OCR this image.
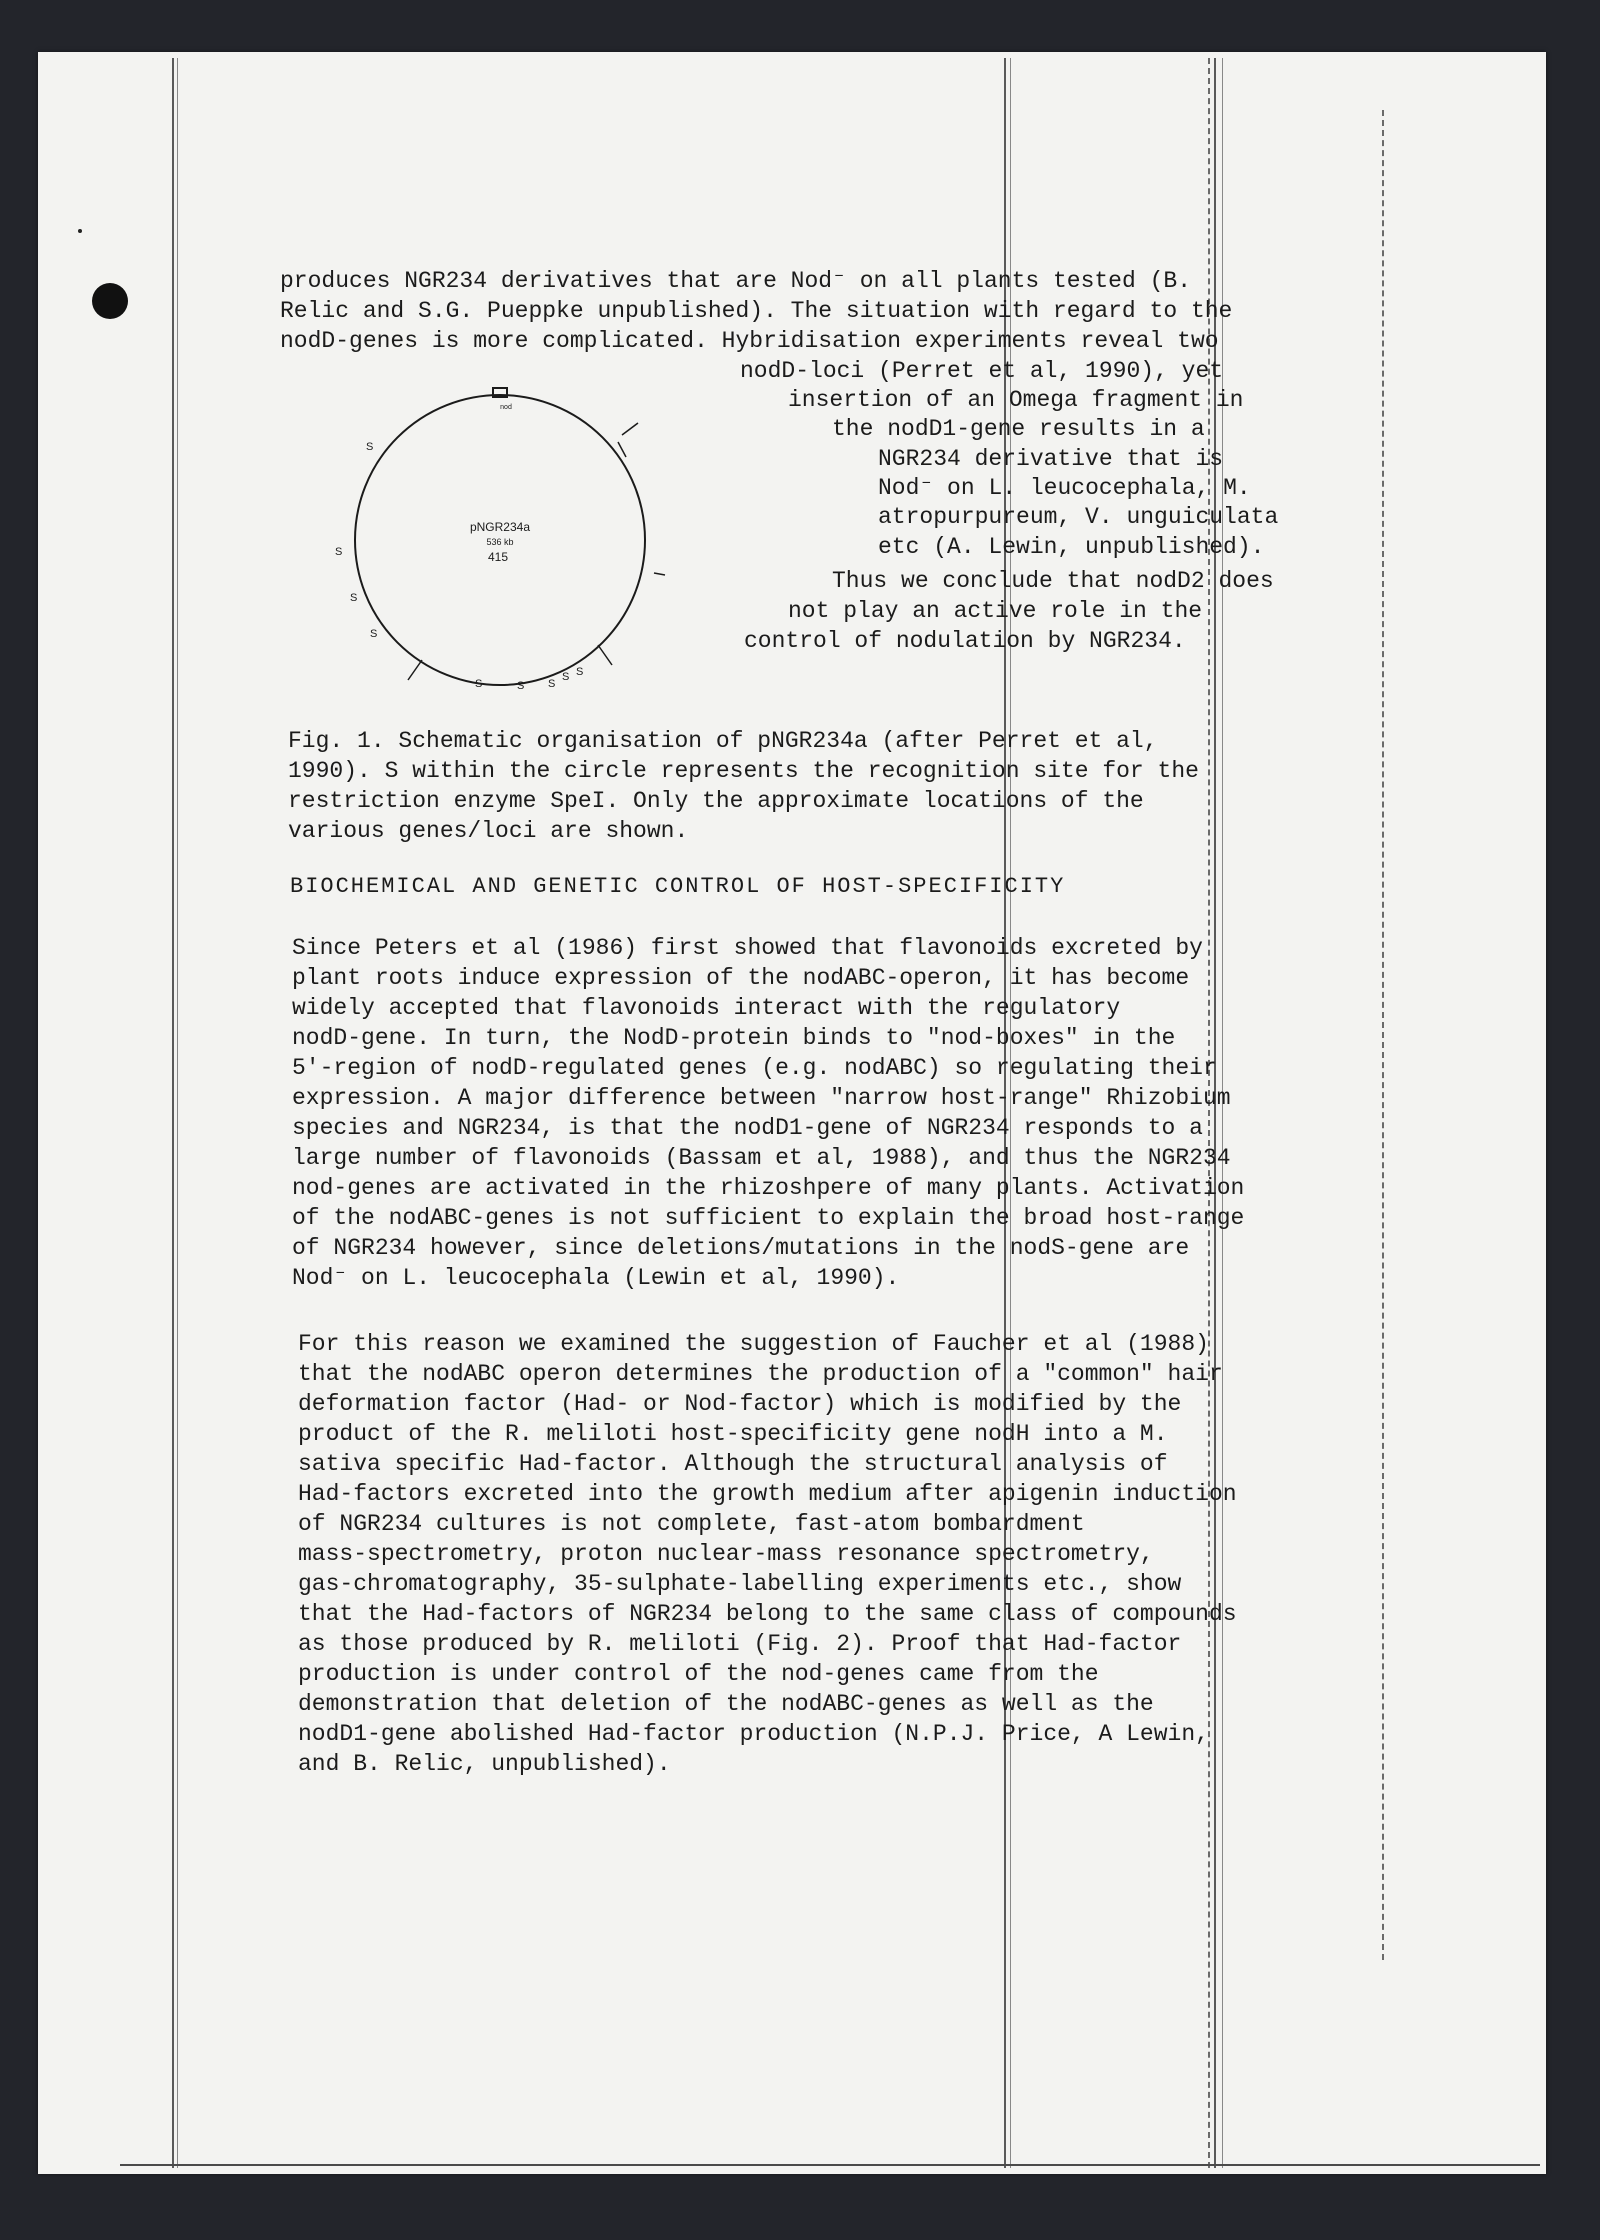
produces NGR234 derivatives that are Nod⁻ on all plants tested (B.
Relic and S.G. Pueppke unpublished). The situation with regard to the
nodD-genes is more complicated. Hybridisation experiments reveal two
nodD-loci (Perret et al, 1990), yet
insertion of an Omega fragment in
the nodD1-gene results in a
NGR234 derivative that is
Nod⁻ on L. leucocephala, M.
atropurpureum, V. unguiculata
etc (A. Lewin, unpublished).
Thus we conclude that nodD2 does
not play an active role in the
control of nodulation by NGR234.
nod
pNGR234a
536 kb
415
S
S
S
S
S	S S
S S
Fig. 1. Schematic organisation of pNGR234a (after Perret et al,
1990). S within the circle represents the recognition site for the
restriction enzyme SpeI. Only the approximate locations of the
various genes/loci are shown.
BIOCHEMICAL AND GENETIC CONTROL OF HOST-SPECIFICITY
Since Peters et al (1986) first showed that flavonoids excreted by
plant roots induce expression of the nodABC-operon, it has become
widely accepted that flavonoids interact with the regulatory
nodD-gene. In turn, the NodD-protein binds to "nod-boxes" in the
5'-region of nodD-regulated genes (e.g. nodABC) so regulating their
expression. A major difference between "narrow host-range" Rhizobium
species and NGR234, is that the nodD1-gene of NGR234 responds to a
large number of flavonoids (Bassam et al, 1988), and thus the NGR234
nod-genes are activated in the rhizoshpere of many plants. Activation
of the nodABC-genes is not sufficient to explain the broad host-range
of NGR234 however, since deletions/mutations in the nodS-gene are
Nod⁻ on L. leucocephala (Lewin et al, 1990).
For this reason we examined the suggestion of Faucher et al (1988)
that the nodABC operon determines the production of a "common" hair
deformation factor (Had- or Nod-factor) which is modified by the
product of the R. meliloti host-specificity gene nodH into a M.
sativa specific Had-factor. Although the structural analysis of
Had-factors excreted into the growth medium after apigenin induction
of NGR234 cultures is not complete, fast-atom bombardment
mass-spectrometry, proton nuclear-mass resonance spectrometry,
gas-chromatography, 35-sulphate-labelling experiments etc., show
that the Had-factors of NGR234 belong to the same class of compounds
as those produced by R. meliloti (Fig. 2). Proof that Had-factor
production is under control of the nod-genes came from the
demonstration that deletion of the nodABC-genes as well as the
nodD1-gene abolished Had-factor production (N.P.J. Price, A Lewin,
and B. Relic, unpublished).
